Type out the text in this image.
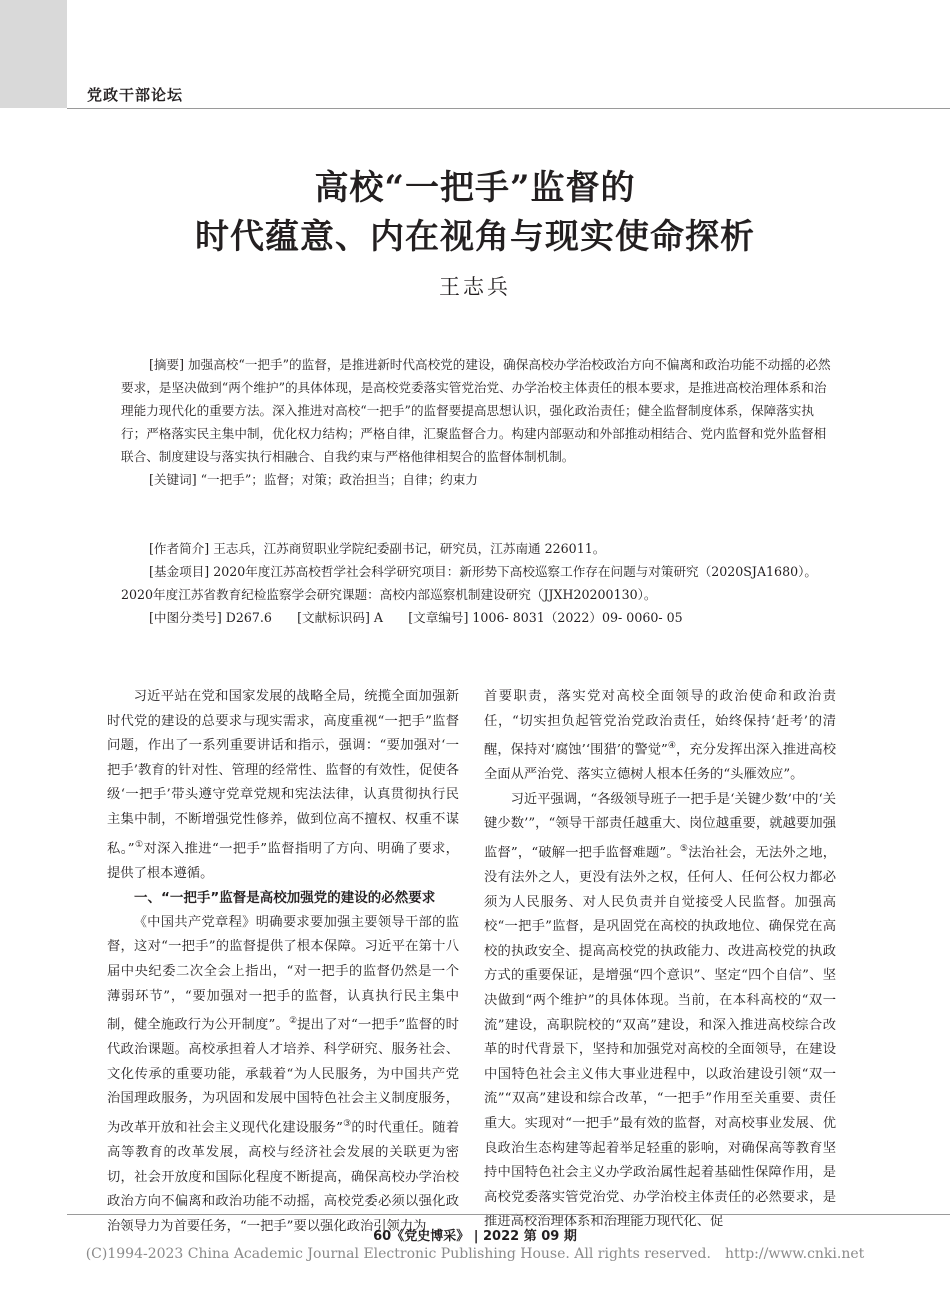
党政干部论坛
高校“一把手”监督的
时代蕴意、内在视角与现实使命探析
王志兵

[摘要] 加强高校“一把手”的监督，是推进新时代高校党的建设，确保高校办学治校政治方向不偏离和政治功能不动摇的必然要求，是坚决做到“两个维护”的具体体现，是高校党委落实管党治党、办学治校主体责任的根本要求，是推进高校治理体系和治理能力现代化的重要方法。深入推进对高校“一把手”的监督要提高思想认识，强化政治责任；健全监督制度体系，保障落实执行；严格落实民主集中制，优化权力结构；严格自律，汇聚监督合力。构建内部驱动和外部推动相结合、党内监督和党外监督相联合、制度建设与落实执行相融合、自我约束与严格他律相契合的监督体制机制。

[关键词] “一把手”；监督；对策；政治担当；自律；约束力

[作者简介] 王志兵，江苏商贸职业学院纪委副书记，研究员，江苏南通 226011。

[基金项目] 2020年度江苏高校哲学社会科学研究项目：新形势下高校巡察工作存在问题与对策研究（2020SJA1680）。2020年度江苏省教育纪检监察学会研究课题：高校内部巡察机制建设研究（JJXH20200130）。

[中图分类号] D267.6　　[文献标识码] A　　[文章编号] 1006- 8031（2022）09- 0060- 05

习近平站在党和国家发展的战略全局，统揽全面加强新时代党的建设的总要求与现实需求，高度重视“一把手”监督问题，作出了一系列重要讲话和指示，强调：“要加强对‘一把手’教育的针对性、管理的经常性、监督的有效性，促使各级‘一把手’带头遵守党章党规和宪法法律，认真贯彻执行民主集中制，不断增强党性修养，做到位高不擅权、权重不谋私。”①对深入推进“一把手”监督指明了方向、明确了要求，提供了根本遵循。

一、“一把手”监督是高校加强党的建设的必然要求

《中国共产党章程》明确要求要加强主要领导干部的监督，这对“一把手”的监督提供了根本保障。习近平在第十八届中央纪委二次全会上指出，“对一把手的监督仍然是一个薄弱环节”，“要加强对一把手的监督，认真执行民主集中制，健全施政行为公开制度”。②提出了对“一把手”监督的时代政治课题。高校承担着人才培养、科学研究、服务社会、文化传承的重要功能，承载着“为人民服务，为中国共产党治国理政服务，为巩固和发展中国特色社会主义制度服务，为改革开放和社会主义现代化建设服务”③的时代重任。随着高等教育的改革发展，高校与经济社会发展的关联更为密切，社会开放度和国际化程度不断提高，确保高校办学治校政治方向不偏离和政治功能不动摇，高校党委必须以强化政治领导力为首要任务，“一把手”要以强化政治引领力为

首要职责，落实党对高校全面领导的政治使命和政治责任，“切实担负起管党治党政治责任，始终保持‘赶考’的清醒，保持对‘腐蚀’‘围猎’的警觉”④，充分发挥出深入推进高校全面从严治党、落实立德树人根本任务的“头雁效应”。

习近平强调，“各级领导班子一把手是‘关键少数’中的‘关键少数’”，“领导干部责任越重大、岗位越重要，就越要加强监督”，“破解一把手监督难题”。⑤法治社会，无法外之地，没有法外之人，更没有法外之权，任何人、任何公权力都必须为人民服务、对人民负责并自觉接受人民监督。加强高校“一把手”监督，是巩固党在高校的执政地位、确保党在高校的执政安全、提高高校党的执政能力、改进高校党的执政方式的重要保证，是增强“四个意识”、坚定“四个自信”、坚决做到“两个维护”的具体体现。当前，在本科高校的“双一流”建设，高职院校的“双高”建设，和深入推进高校综合改革的时代背景下，坚持和加强党对高校的全面领导，在建设中国特色社会主义伟大事业进程中，以政治建设引领“双一流”“双高”建设和综合改革，“一把手”作用至关重要、责任重大。实现对“一把手”最有效的监督，对高校事业发展、优良政治生态构建等起着举足轻重的影响，对确保高等教育坚持中国特色社会主义办学政治属性起着基础性保障作用，是高校党委落实管党治党、办学治校主体责任的必然要求，是推进高校治理体系和治理能力现代化、促

60《党史博采》 | 2022 第 09 期
(C)1994-2023 China Academic Journal Electronic Publishing House. All rights reserved.　http://www.cnki.net
